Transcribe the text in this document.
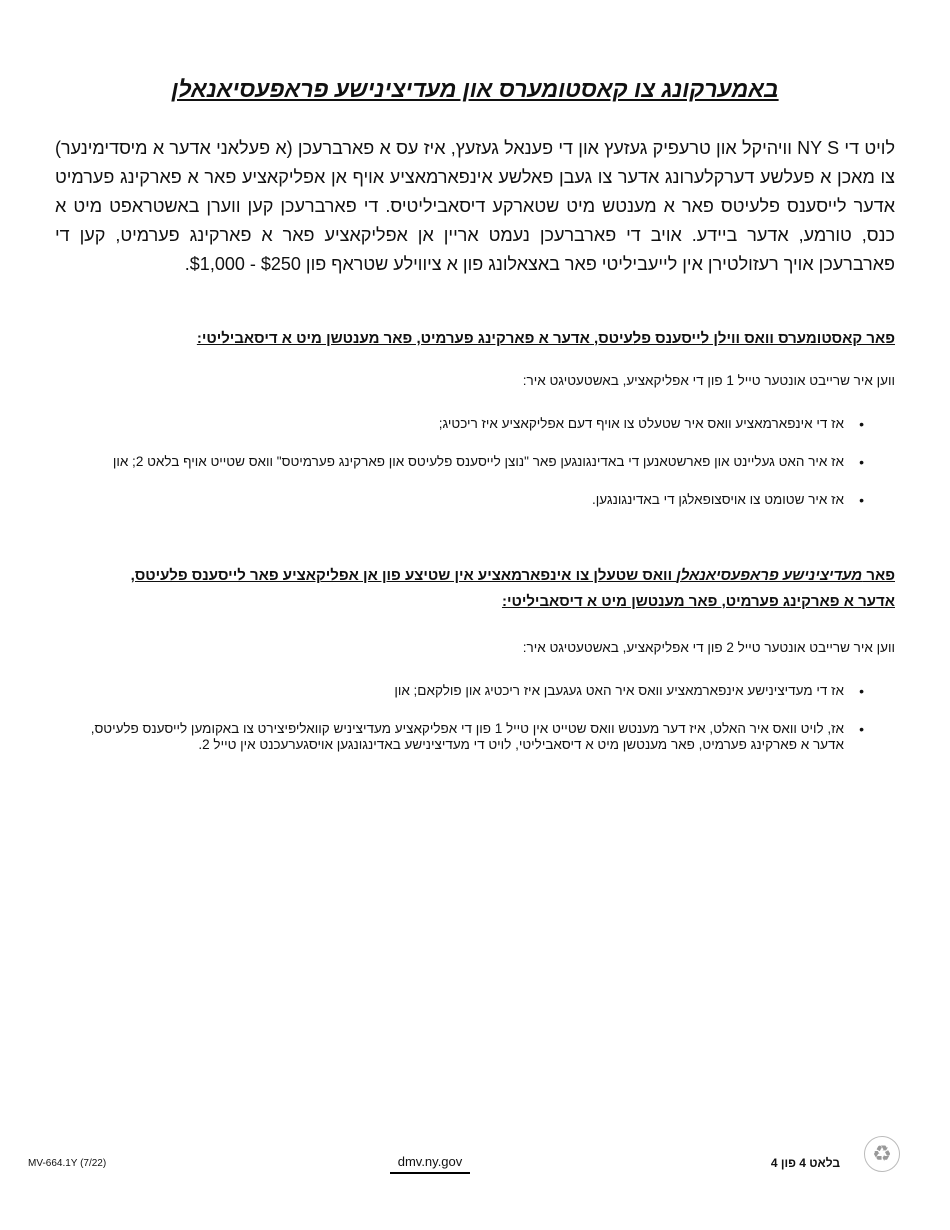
באמערקונג צו קאסטומערס און מעדיצינישע פראפעסיאנאלן

לויט די NY S וויהיקל און טרעפיק געזעץ און די פענאל געזעץ, איז עס א פארברעכן (א פעלאני אדער א מיסדימינער) צו מאכן א פעלשע דערקלערונג אדער צו געבן פאלשע אינפארמאציע אויף אן אפליקאציע פאר א פארקינג פערמיט אדער לייסענס פלעיטס פאר א מענטש מיט שטארקע דיסאביליטיס. די פארברעכן קען ווערן באשטראפט מיט א כנס, טורמע, אדער ביידע. אויב די פארברעכן נעמט אריין אן אפליקאציע פאר א פארקינג פערמיט, קען די פארברעכן אויך רעזולטירן אין לייעביליטי פאר באצאלונג פון א ציווילע שטראף פון $250 - $1,000.

פאר קאסטומערס וואס ווילן לייסענס פלעיטס, אדער א פארקינג פערמיט, פאר מענטשן מיט א דיסאביליטי:
ווען איר שרייבט אונטער טייל 1 פון די אפליקאציע, באשטעטיגט איר:
• אז די אינפארמאציע וואס איר שטעלט צו אויף דעם אפליקאציע איז ריכטיג;
• אז איר האט געליינט און פארשטאנען די באדינגונגען פאר "נוצן לייסענס פלעיטס און פארקינג פערמיטס" וואס שטייט אויף בלאט 2; און
• אז איר שטומט צו אויסצופאלגן די באדינגונגען.
פאר מעדיצינישע פראפעסיאנאלן וואס שטעלן צו אינפארמאציע אין שטיצע פון אן אפליקאציע פאר לייסענס פלעיטס, אדער א פארקינג פערמיט, פאר מענטשן מיט א דיסאביליטי:
ווען איר שרייבט אונטער טייל 2 פון די אפליקאציע, באשטעטיגט איר:
• אז די מעדיצינישע אינפארמאציע וואס איר האט געגעבן איז ריכטיג און פולקאם; און
• אז, לויט וואס איר האלט, איז דער מענטש וואס שטייט אין טייל 1 פון די אפליקאציע מעדיציניש קוואליפיצירט צו באקומען לייסענס פלעיטס, אדער א פארקינג פערמיט, פאר מענטשן מיט א דיסאביליטי, לויט די מעדיצינישע באדינגונגען אויסגערעכנט אין טייל 2.
MV-664.1Y (7/22)	dmv.ny.gov	בלאט 4 פון 4	♻
